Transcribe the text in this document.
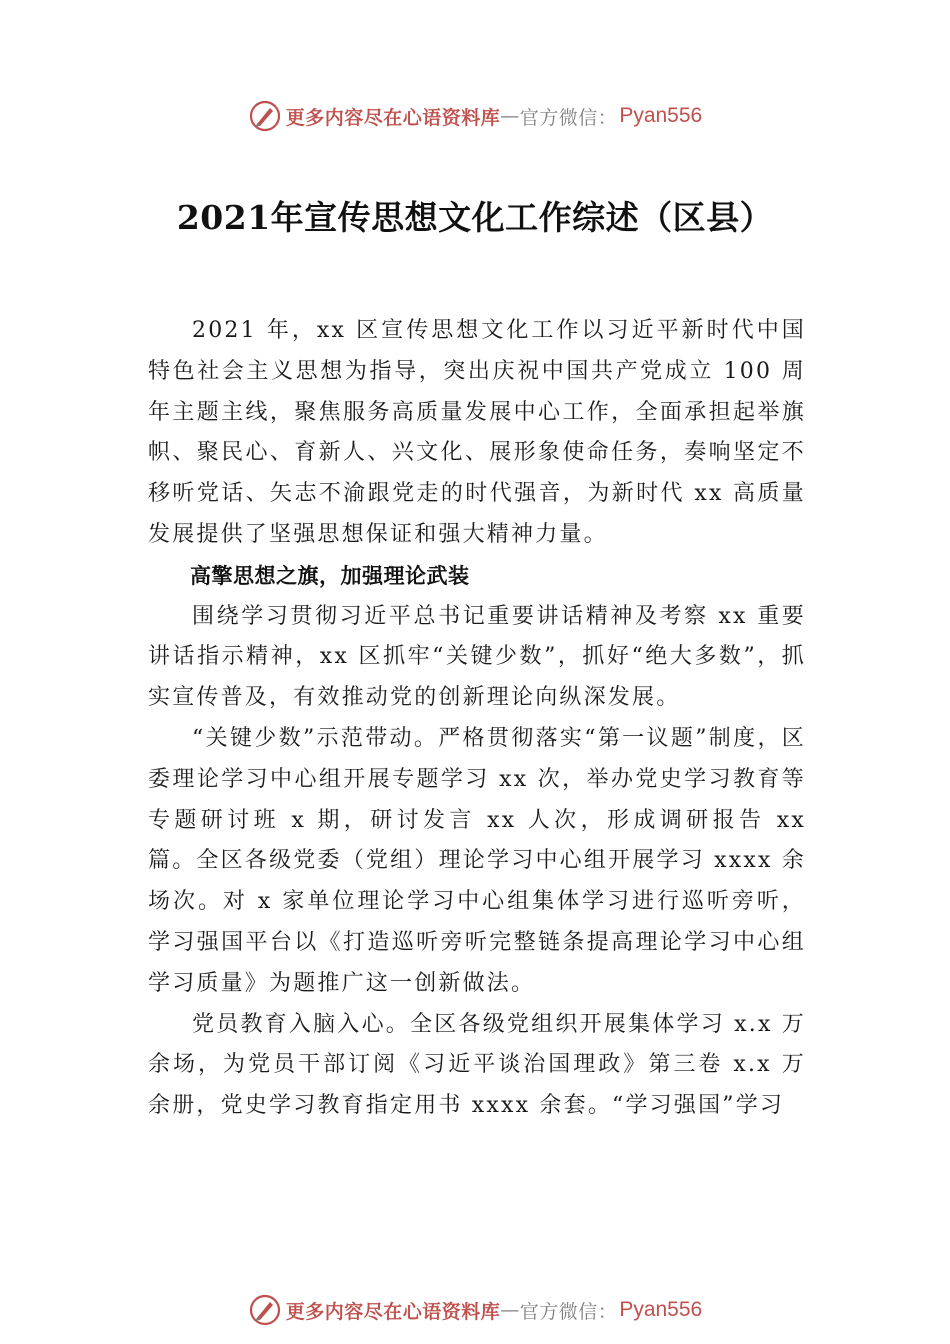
更多内容尽在心语资料库 — 官方微信： Pyan556
2021年宣传思想文化工作综述（区县）

2021 年，xx 区宣传思想文化工作以习近平新时代中国特色社会主义思想为指导，突出庆祝中国共产党成立 100 周年主题主线，聚焦服务高质量发展中心工作，全面承担起举旗帜、聚民心、育新人、兴文化、展形象使命任务，奏响坚定不移听党话、矢志不渝跟党走的时代强音，为新时代 xx 高质量发展提供了坚强思想保证和强大精神力量。

高擎思想之旗，加强理论武装

围绕学习贯彻习近平总书记重要讲话精神及考察 xx 重要讲话指示精神，xx 区抓牢“关键少数”，抓好“绝大多数”，抓实宣传普及，有效推动党的创新理论向纵深发展。

“关键少数”示范带动。严格贯彻落实“第一议题”制度，区委理论学习中心组开展专题学习 xx 次，举办党史学习教育等专题研讨班 x 期，研讨发言 xx 人次，形成调研报告 xx 篇。全区各级党委（党组）理论学习中心组开展学习 xxxx 余场次。对 x 家单位理论学习中心组集体学习进行巡听旁听，学习强国平台以《打造巡听旁听完整链条提高理论学习中心组学习质量》为题推广这一创新做法。

党员教育入脑入心。全区各级党组织开展集体学习 x.x 万余场，为党员干部订阅《习近平谈治国理政》第三卷 x.x 万余册，党史学习教育指定用书 xxxx 余套。“学习强国”学习

更多内容尽在心语资料库 — 官方微信： Pyan556
